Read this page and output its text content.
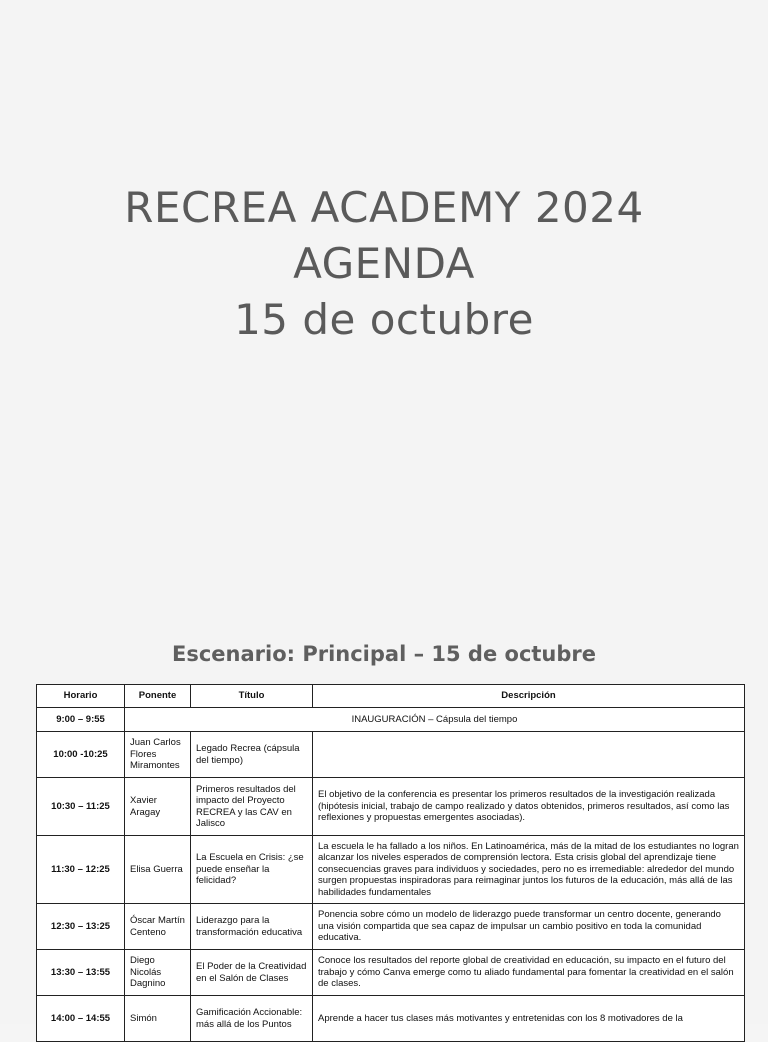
RECREA ACADEMY 2024
AGENDA
15 de octubre
Escenario: Principal – 15 de octubre
Horario	Ponente	Título	Descripción
9:00 – 9:55	INAUGURACIÓN – Cápsula del tiempo		
10:00 -10:25	Juan Carlos Flores Miramontes	Legado Recrea (cápsula del tiempo)	
10:30 – 11:25	Xavier Aragay	Primeros resultados del impacto del Proyecto RECREA y las CAV en Jalisco	El objetivo de la conferencia es presentar los primeros resultados de la investigación realizada (hipótesis inicial, trabajo de campo realizado y datos obtenidos, primeros resultados, así como las reflexiones y propuestas emergentes asociadas).
11:30 – 12:25	Elisa Guerra	La Escuela en Crisis: ¿se puede enseñar la felicidad?	La escuela le ha fallado a los niños. En Latinoamérica, más de la mitad de los estudiantes no logran alcanzar los niveles esperados de comprensión lectora. Esta crisis global del aprendizaje tiene consecuencias graves para individuos y sociedades, pero no es irremediable: alrededor del mundo surgen propuestas inspiradoras para reimaginar juntos los futuros de la educación, más allá de las habilidades fundamentales
12:30 – 13:25	Óscar Martín Centeno	Liderazgo para la transformación educativa	Ponencia sobre cómo un modelo de liderazgo puede transformar un centro docente, generando una visión compartida que sea capaz de impulsar un cambio positivo en toda la comunidad educativa.
13:30 – 13:55	Diego Nicolás Dagnino	El Poder de la Creatividad en el Salón de Clases	Conoce los resultados del reporte global de creatividad en educación, su impacto en el futuro del trabajo y cómo Canva emerge como tu aliado fundamental para fomentar la creatividad en el salón de clases.
14:00 – 14:55	Simón	Gamificación Accionable: más allá de los Puntos	Aprende a hacer tus clases más motivantes y entretenidas con los 8 motivadores de la
